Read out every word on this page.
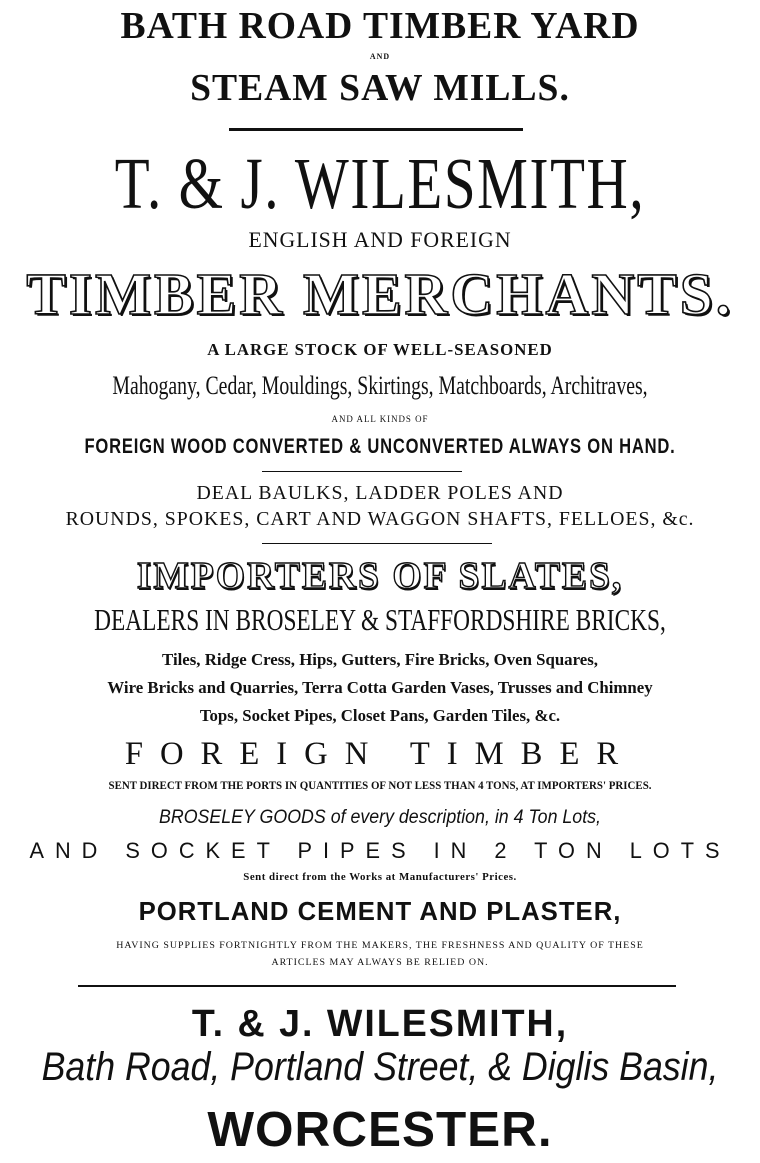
BATH ROAD TIMBER YARD
AND
STEAM SAW MILLS.
T. & J. WILESMITH,
ENGLISH AND FOREIGN
TIMBER MERCHANTS.
A LARGE STOCK OF WELL-SEASONED
Mahogany, Cedar, Mouldings, Skirtings, Matchboards, Architraves,
AND ALL KINDS OF
FOREIGN WOOD CONVERTED & UNCONVERTED ALWAYS ON HAND.
DEAL BAULKS, LADDER POLES AND
ROUNDS, SPOKES, CART AND WAGGON SHAFTS, FELLOES, &c.
IMPORTERS OF SLATES,
DEALERS IN BROSELEY & STAFFORDSHIRE BRICKS,
Tiles, Ridge Cress, Hips, Gutters, Fire Bricks, Oven Squares,
Wire Bricks and Quarries, Terra Cotta Garden Vases, Trusses and Chimney
Tops, Socket Pipes, Closet Pans, Garden Tiles, &c.
FOREIGN TIMBER
SENT DIRECT FROM THE PORTS IN QUANTITIES OF NOT LESS THAN 4 TONS, AT IMPORTERS' PRICES.
BROSELEY GOODS of every description, in 4 Ton Lots,
AND SOCKET PIPES IN 2 TON LOTS
Sent direct from the Works at Manufacturers' Prices.
PORTLAND CEMENT AND PLASTER,
HAVING SUPPLIES FORTNIGHTLY FROM THE MAKERS, THE FRESHNESS AND QUALITY OF THESE
ARTICLES MAY ALWAYS BE RELIED ON.
T. & J. WILESMITH,
Bath Road, Portland Street, & Diglis Basin,
WORCESTER.
